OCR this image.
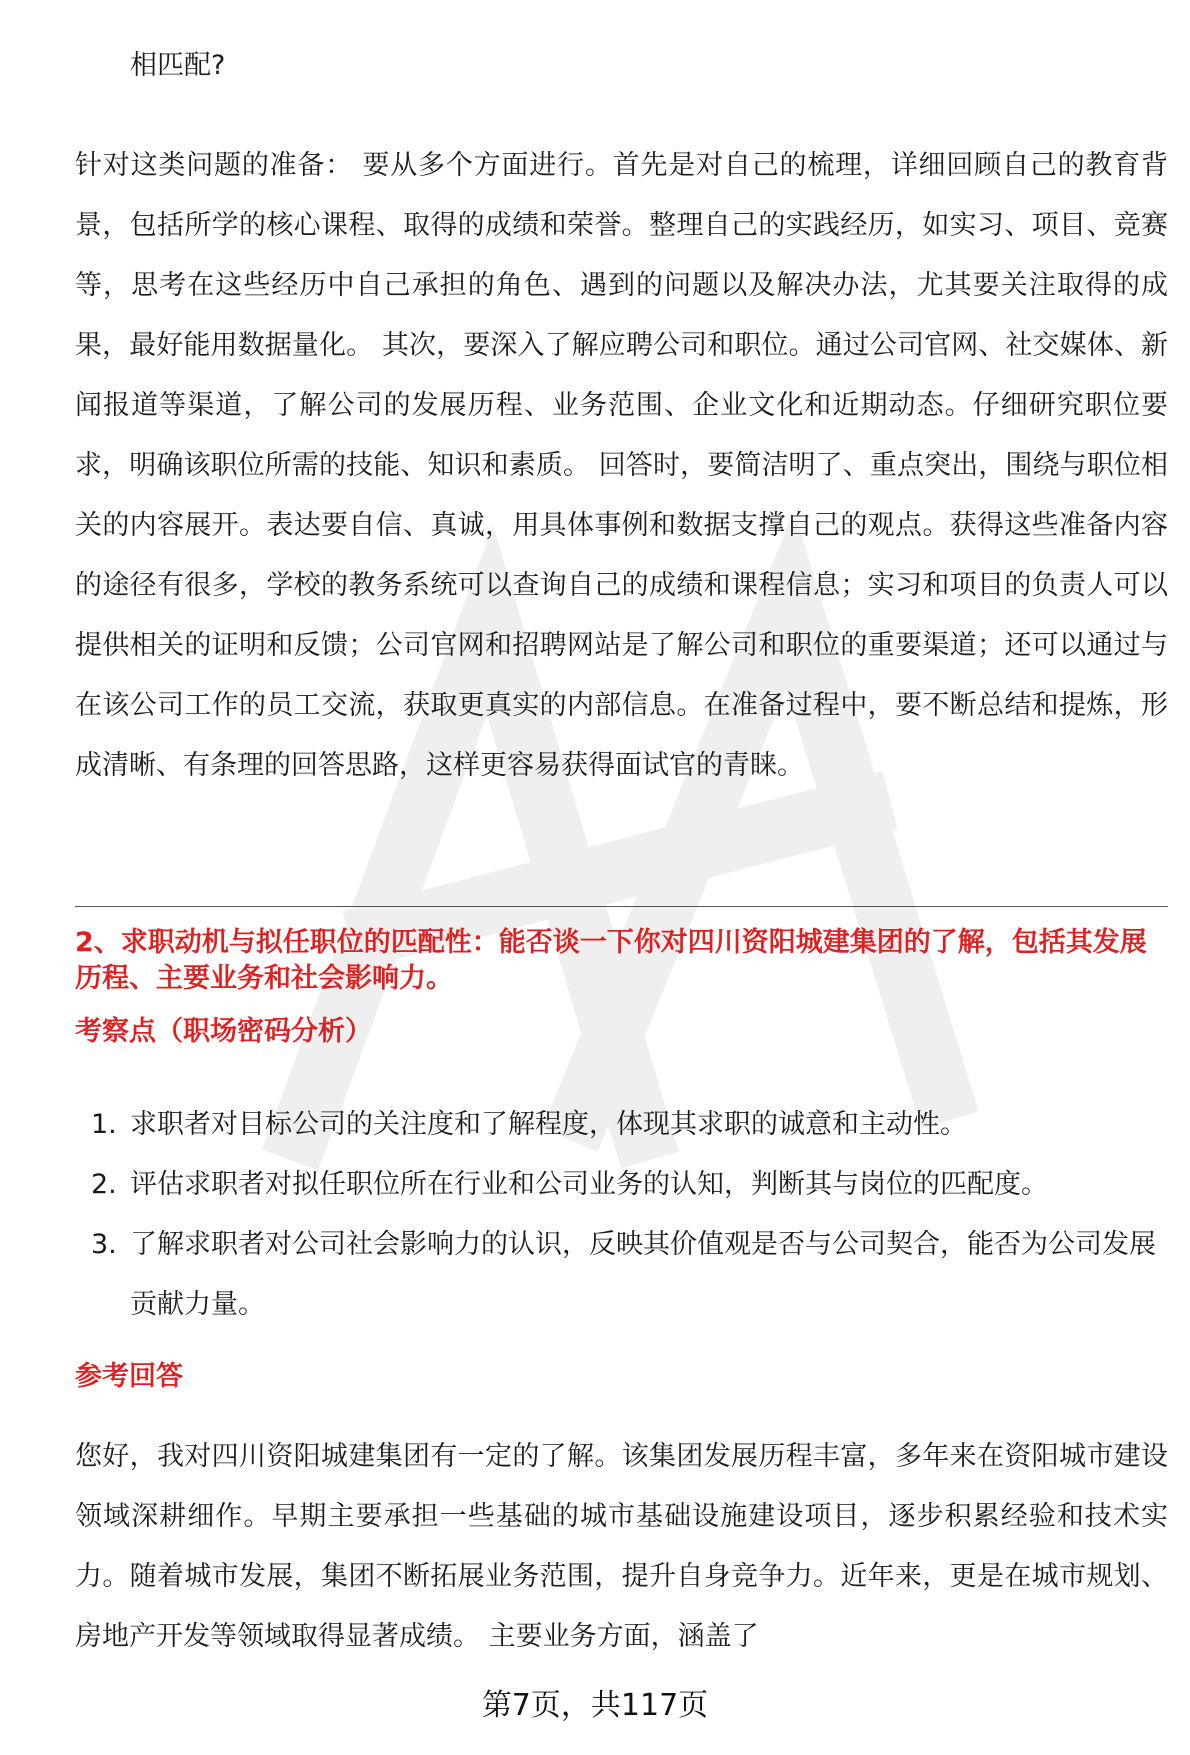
相匹配?

针对这类问题的准备： 要从多个方面进行。首先是对自己的梳理，详细回顾自己的教育背景，包括所学的核心课程、取得的成绩和荣誉。整理自己的实践经历，如实习、项目、竞赛等，思考在这些经历中自己承担的角色、遇到的问题以及解决办法，尤其要关注取得的成果，最好能用数据量化。 其次，要深入了解应聘公司和职位。通过公司官网、社交媒体、新闻报道等渠道，了解公司的发展历程、业务范围、企业文化和近期动态。仔细研究职位要求，明确该职位所需的技能、知识和素质。 回答时，要简洁明了、重点突出，围绕与职位相关的内容展开。表达要自信、真诚，用具体事例和数据支撑自己的观点。获得这些准备内容的途径有很多，学校的教务系统可以查询自己的成绩和课程信息；实习和项目的负责人可以提供相关的证明和反馈；公司官网和招聘网站是了解公司和职位的重要渠道；还可以通过与在该公司工作的员工交流，获取更真实的内部信息。在准备过程中，要不断总结和提炼，形成清晰、有条理的回答思路，这样更容易获得面试官的青睐。

2、求职动机与拟任职位的匹配性：能否谈一下你对四川资阳城建集团的了解，包括其发展历程、主要业务和社会影响力。

考察点（职场密码分析）

1. 求职者对目标公司的关注度和了解程度，体现其求职的诚意和主动性。
2. 评估求职者对拟任职位所在行业和公司业务的认知，判断其与岗位的匹配度。
3. 了解求职者对公司社会影响力的认识，反映其价值观是否与公司契合，能否为公司发展贡献力量。

参考回答

您好，我对四川资阳城建集团有一定的了解。该集团发展历程丰富，多年来在资阳城市建设领域深耕细作。早期主要承担一些基础的城市基础设施建设项目，逐步积累经验和技术实力。随着城市发展，集团不断拓展业务范围，提升自身竞争力。近年来，更是在城市规划、房地产开发等领域取得显著成绩。 主要业务方面，涵盖了

第7页，共117页
